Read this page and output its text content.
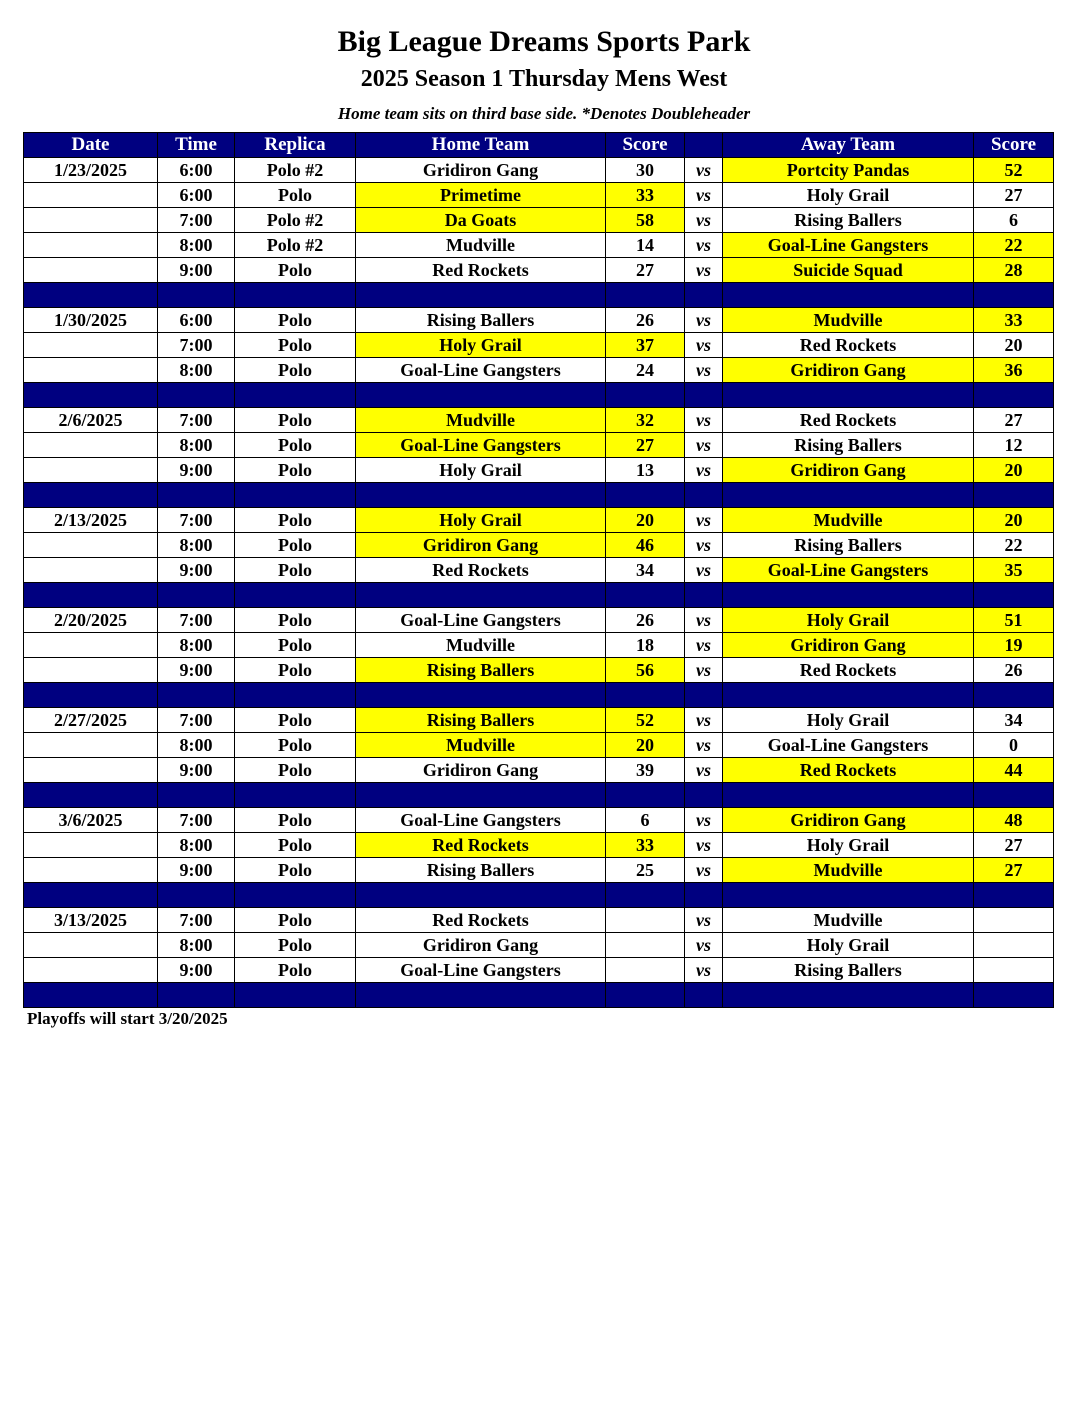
Big League Dreams Sports Park
2025 Season 1 Thursday Mens West
Home team sits on third base side. *Denotes Doubleheader
Date	Time	Replica	Home Team	Score		Away Team	Score
1/23/2025	6:00	Polo #2	Gridiron Gang	30	vs	Portcity Pandas	52
	6:00	Polo	Primetime	33	vs	Holy Grail	27
	7:00	Polo #2	Da Goats	58	vs	Rising Ballers	6
	8:00	Polo #2	Mudville	14	vs	Goal-Line Gangsters	22
	9:00	Polo	Red Rockets	27	vs	Suicide Squad	28

1/30/2025	6:00	Polo	Rising Ballers	26	vs	Mudville	33
	7:00	Polo	Holy Grail	37	vs	Red Rockets	20
	8:00	Polo	Goal-Line Gangsters	24	vs	Gridiron Gang	36

2/6/2025	7:00	Polo	Mudville	32	vs	Red Rockets	27
	8:00	Polo	Goal-Line Gangsters	27	vs	Rising Ballers	12
	9:00	Polo	Holy Grail	13	vs	Gridiron Gang	20

2/13/2025	7:00	Polo	Holy Grail	20	vs	Mudville	20
	8:00	Polo	Gridiron Gang	46	vs	Rising Ballers	22
	9:00	Polo	Red Rockets	34	vs	Goal-Line Gangsters	35

2/20/2025	7:00	Polo	Goal-Line Gangsters	26	vs	Holy Grail	51
	8:00	Polo	Mudville	18	vs	Gridiron Gang	19
	9:00	Polo	Rising Ballers	56	vs	Red Rockets	26

2/27/2025	7:00	Polo	Rising Ballers	52	vs	Holy Grail	34
	8:00	Polo	Mudville	20	vs	Goal-Line Gangsters	0
	9:00	Polo	Gridiron Gang	39	vs	Red Rockets	44

3/6/2025	7:00	Polo	Goal-Line Gangsters	6	vs	Gridiron Gang	48
	8:00	Polo	Red Rockets	33	vs	Holy Grail	27
	9:00	Polo	Rising Ballers	25	vs	Mudville	27

3/13/2025	7:00	Polo	Red Rockets		vs	Mudville	
	8:00	Polo	Gridiron Gang		vs	Holy Grail	
	9:00	Polo	Goal-Line Gangsters		vs	Rising Ballers	

Playoffs will start 3/20/2025
